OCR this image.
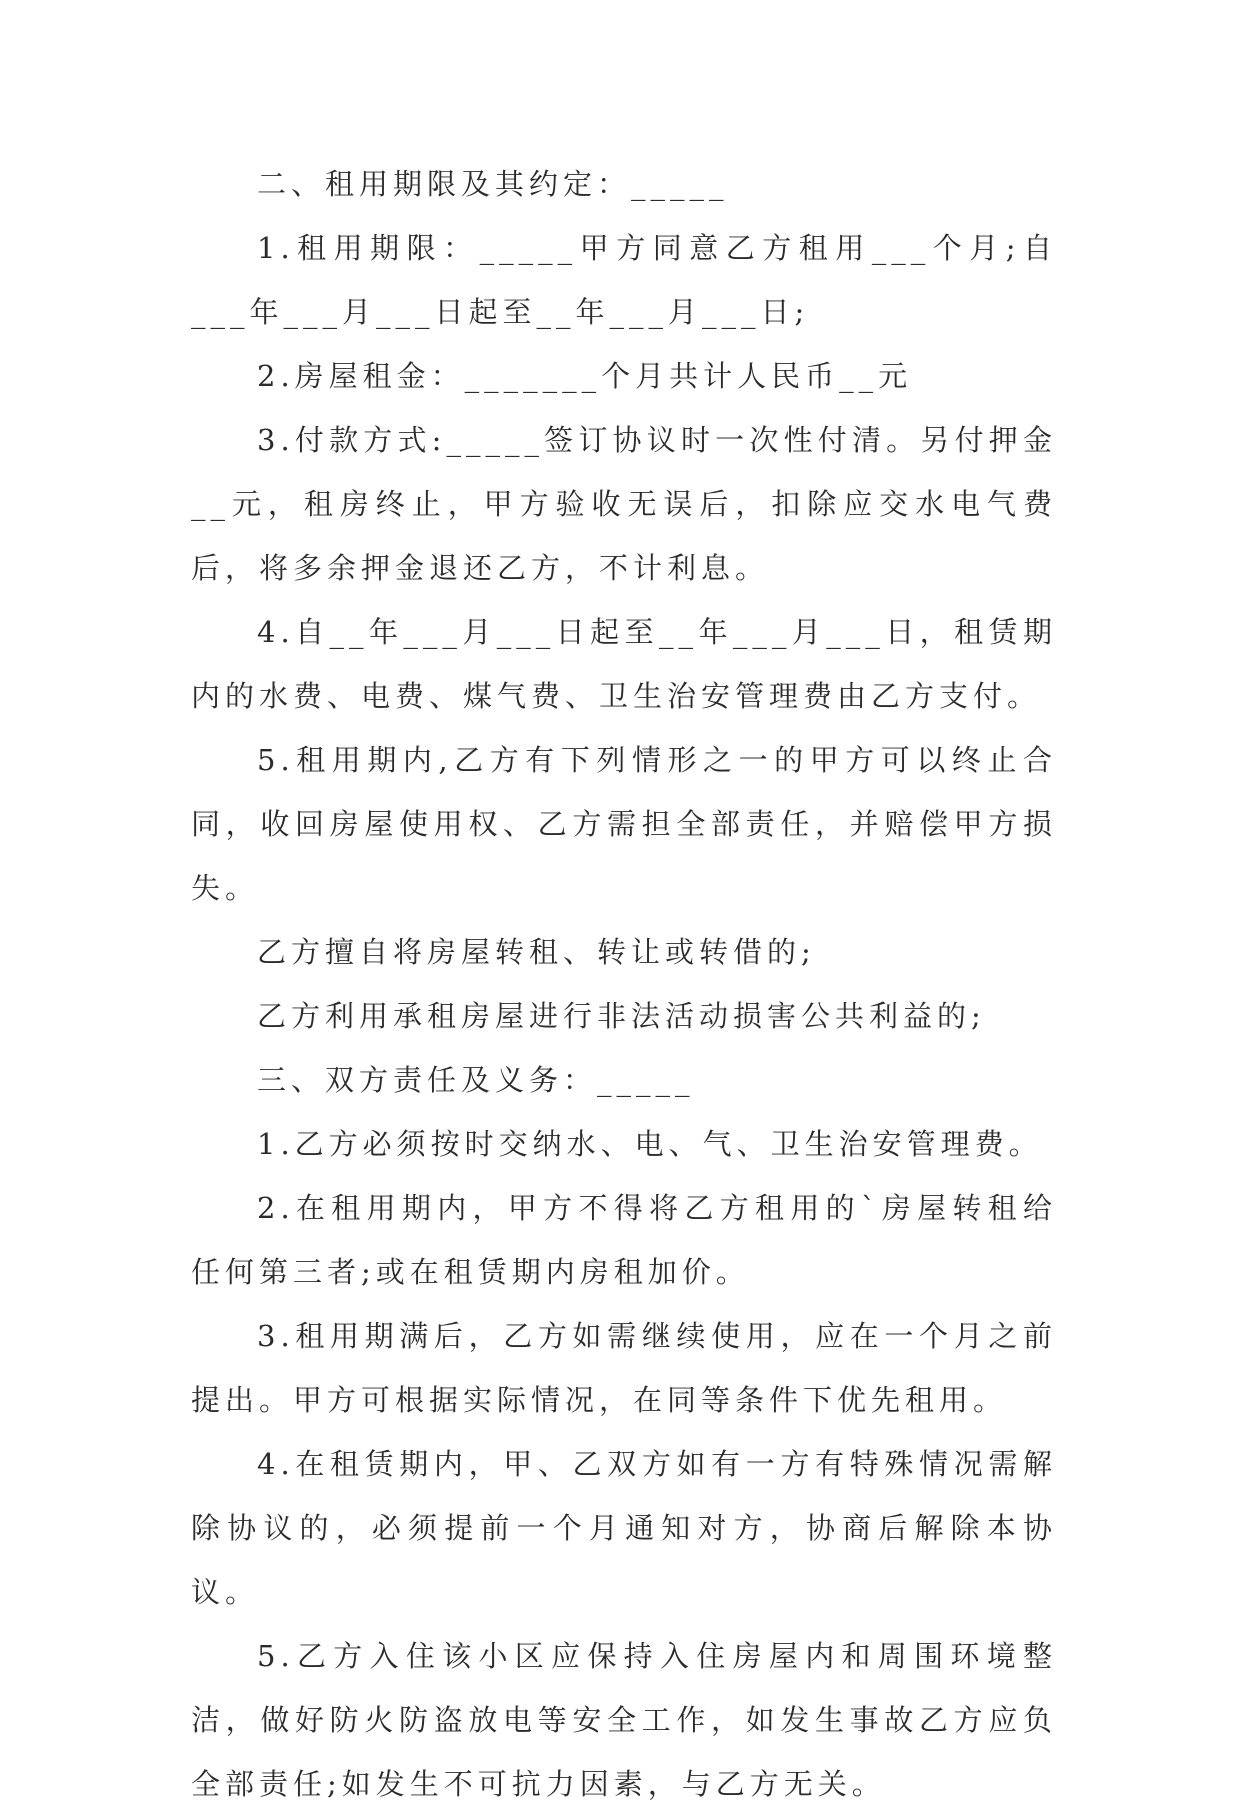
二、租用期限及其约定：_____

1.租用期限：_____甲方同意乙方租用___个月;自___年___月___日起至__年___月___日;

2.房屋租金：_______个月共计人民币__元

3.付款方式:_____签订协议时一次性付清。另付押金__元，租房终止，甲方验收无误后，扣除应交水电气费后，将多余押金退还乙方，不计利息。

4.自__年___月___日起至__年___月___日，租赁期内的水费、电费、煤气费、卫生治安管理费由乙方支付。

5.租用期内,乙方有下列情形之一的甲方可以终止合同，收回房屋使用权、乙方需担全部责任，并赔偿甲方损失。

乙方擅自将房屋转租、转让或转借的;

乙方利用承租房屋进行非法活动损害公共利益的;

三、双方责任及义务：_____

1.乙方必须按时交纳水、电、气、卫生治安管理费。

2.在租用期内，甲方不得将乙方租用的`房屋转租给任何第三者;或在租赁期内房租加价。

3.租用期满后，乙方如需继续使用，应在一个月之前提出。甲方可根据实际情况，在同等条件下优先租用。

4.在租赁期内，甲、乙双方如有一方有特殊情况需解除协议的，必须提前一个月通知对方，协商后解除本协议。

5.乙方入住该小区应保持入住房屋内和周围环境整洁，做好防火防盗放电等安全工作，如发生事故乙方应负全部责任;如发生不可抗力因素，与乙方无关。
